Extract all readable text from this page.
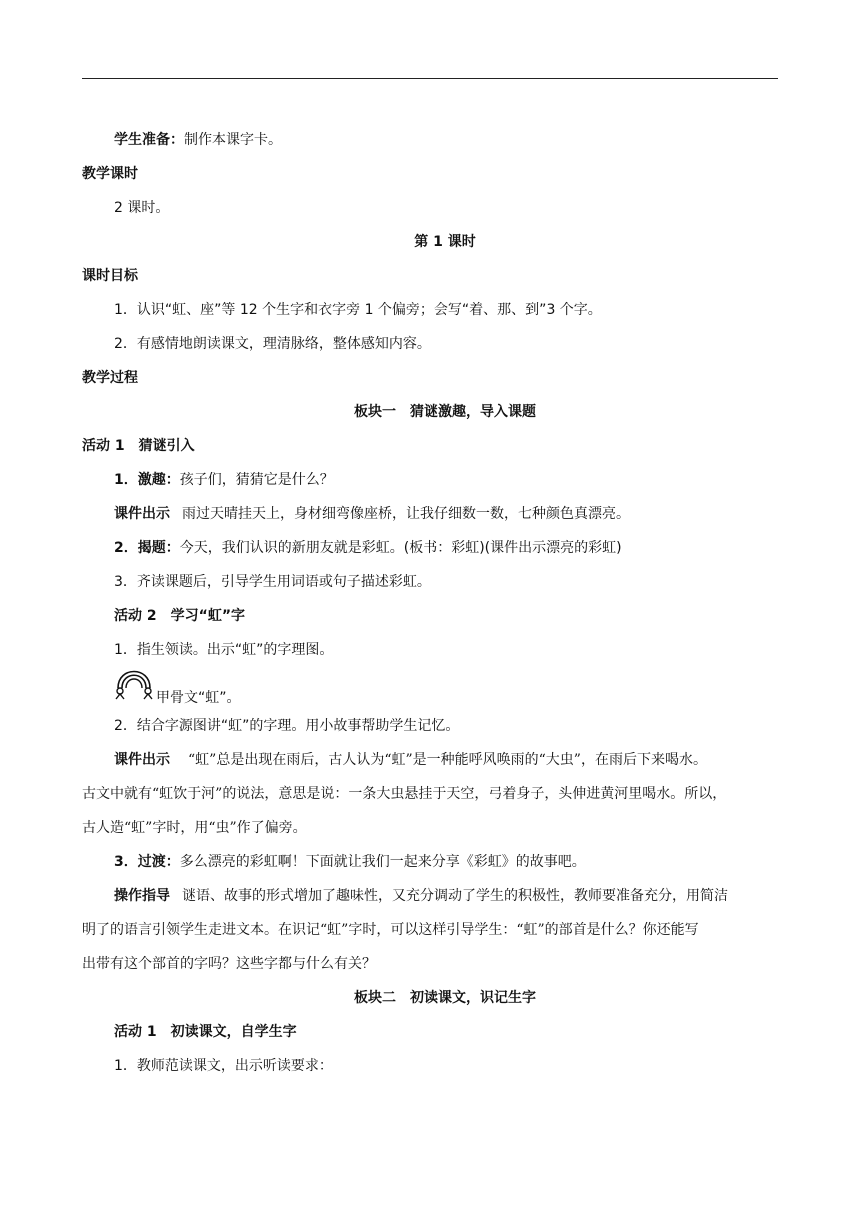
学生准备：制作本课字卡。
教学课时
2 课时。
第 1 课时
课时目标
1．认识“虹、座”等 12 个生字和衣字旁 1 个偏旁；会写“着、那、到”3 个字。
2．有感情地朗读课文，理清脉络，整体感知内容。
教学过程
板块一　猜谜激趣，导入课题
活动 1　猜谜引入
1．激趣：孩子们，猜猜它是什么？
课件出示 雨过天晴挂天上，身材细弯像座桥，让我仔细数一数，七种颜色真漂亮。
2．揭题：今天，我们认识的新朋友就是彩虹。(板书：彩虹)(课件出示漂亮的彩虹)
3．齐读课题后，引导学生用词语或句子描述彩虹。
活动 2　学习“虹”字
1．指生领读。出示“虹”的字理图。
甲骨文“虹”。
2．结合字源图讲“虹”的字理。用小故事帮助学生记忆。
课件出示 “虹”总是出现在雨后，古人认为“虹”是一种能呼风唤雨的“大虫”，在雨后下来喝水。
古文中就有“虹饮于河”的说法，意思是说：一条大虫悬挂于天空，弓着身子，头伸进黄河里喝水。所以，
古人造“虹”字时，用“虫”作了偏旁。
3．过渡：多么漂亮的彩虹啊！下面就让我们一起来分享《彩虹》的故事吧。
操作指导 谜语、故事的形式增加了趣味性，又充分调动了学生的积极性，教师要准备充分，用简洁
明了的语言引领学生走进文本。在识记“虹”字时，可以这样引导学生：“虹”的部首是什么？你还能写
出带有这个部首的字吗？这些字都与什么有关？
板块二　初读课文，识记生字
活动 1　初读课文，自学生字
1．教师范读课文，出示听读要求：
